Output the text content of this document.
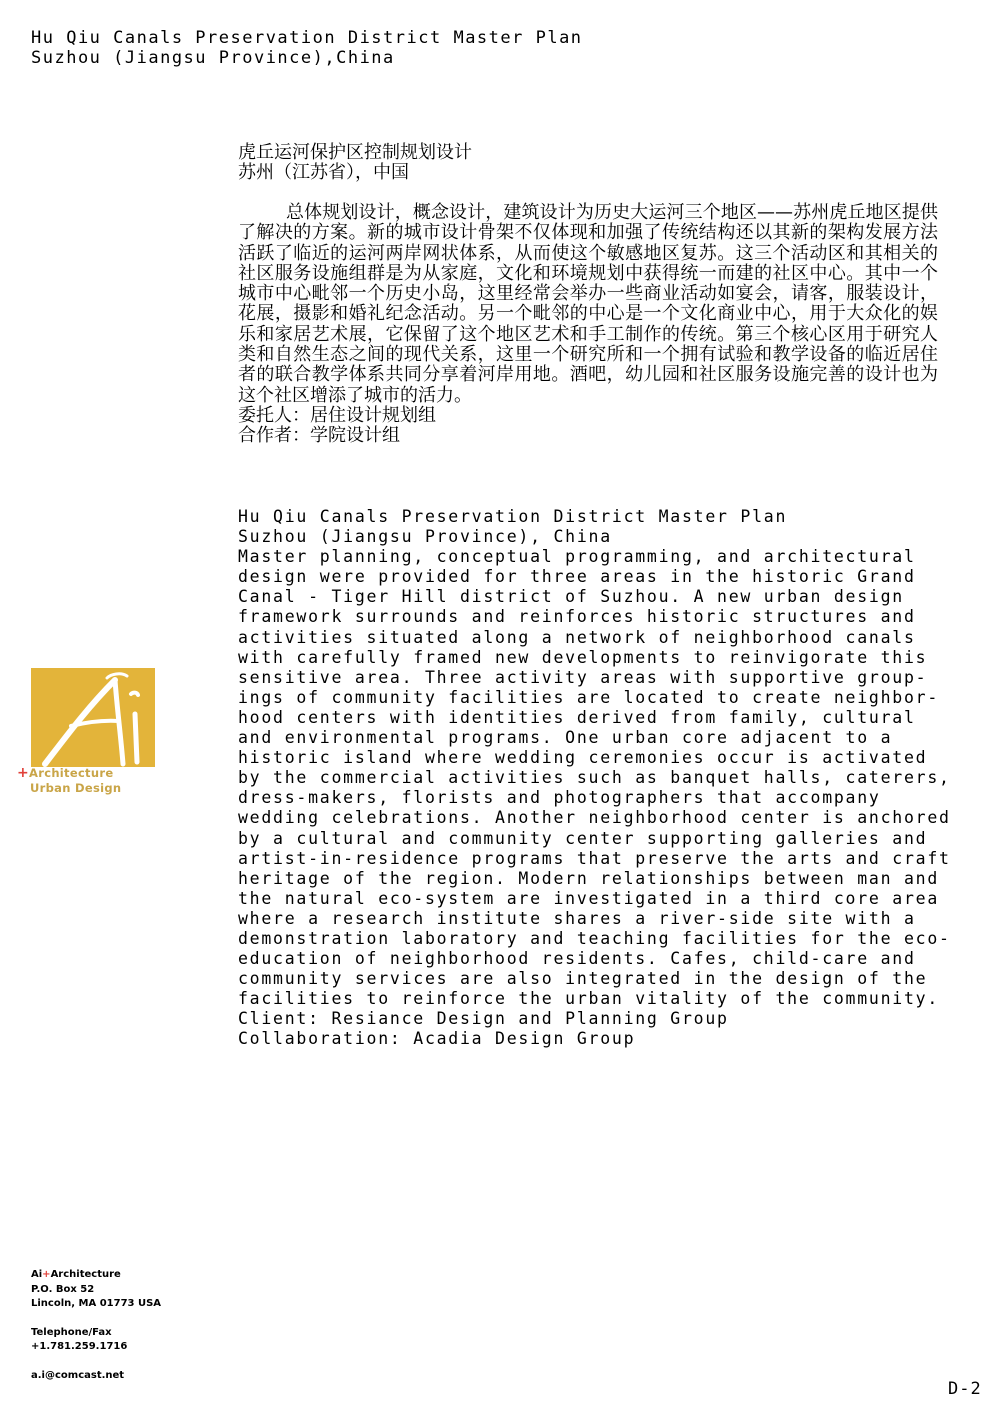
Hu Qiu Canals Preservation District Master Plan
Suzhou (Jiangsu Province),China
虎丘运河保护区控制规划设计
苏州（江苏省），中国
总体规划设计，概念设计，建筑设计为历史大运河三个地区——苏州虎丘地区提供了解决的方案。新的城市设计骨架不仅体现和加强了传统结构还以其新的架构发展方法活跃了临近的运河两岸网状体系，从而使这个敏感地区复苏。这三个活动区和其相关的社区服务设施组群是为从家庭，文化和环境规划中获得统一而建的社区中心。其中一个城市中心毗邻一个历史小岛，这里经常会举办一些商业活动如宴会，请客，服装设计，花展，摄影和婚礼纪念活动。另一个毗邻的中心是一个文化商业中心，用于大众化的娱乐和家居艺术展，它保留了这个地区艺术和手工制作的传统。第三个核心区用于研究人类和自然生态之间的现代关系，这里一个研究所和一个拥有试验和教学设备的临近居住者的联合教学体系共同分享着河岸用地。酒吧，幼儿园和社区服务设施完善的设计也为这个社区增添了城市的活力。
委托人：居住设计规划组
合作者：学院设计组
Hu Qiu Canals Preservation District Master Plan
Suzhou (Jiangsu Province), China
Master planning, conceptual programming, and architectural
design were provided for three areas in the historic Grand
Canal - Tiger Hill district of Suzhou. A new urban design
framework surrounds and reinforces historic structures and
activities situated along a network of neighborhood canals
with carefully framed new developments to reinvigorate this
sensitive area. Three activity areas with supportive group-
ings of community facilities are located to create neighbor-
hood centers with identities derived from family, cultural
and environmental programs. One urban core adjacent to a
historic island where wedding ceremonies occur is activated
by the commercial activities such as banquet halls, caterers,
dress-makers, florists and photographers that accompany
wedding celebrations. Another neighborhood center is anchored
by a cultural and community center supporting galleries and
artist-in-residence programs that preserve the arts and craft
heritage of the region. Modern relationships between man and
the natural eco-system are investigated in a third core area
where a research institute shares a river-side site with a
demonstration laboratory and teaching facilities for the eco-
education of neighborhood residents. Cafes, child-care and
community services are also integrated in the design of the
facilities to reinforce the urban vitality of the community.
Client: Resiance Design and Planning Group
Collaboration: Acadia Design Group
+Architecture
Urban Design
Ai+Architecture
P.O. Box 52
Lincoln, MA 01773 USA
Telephone/Fax
+1.781.259.1716
a.i@comcast.net
D-2
